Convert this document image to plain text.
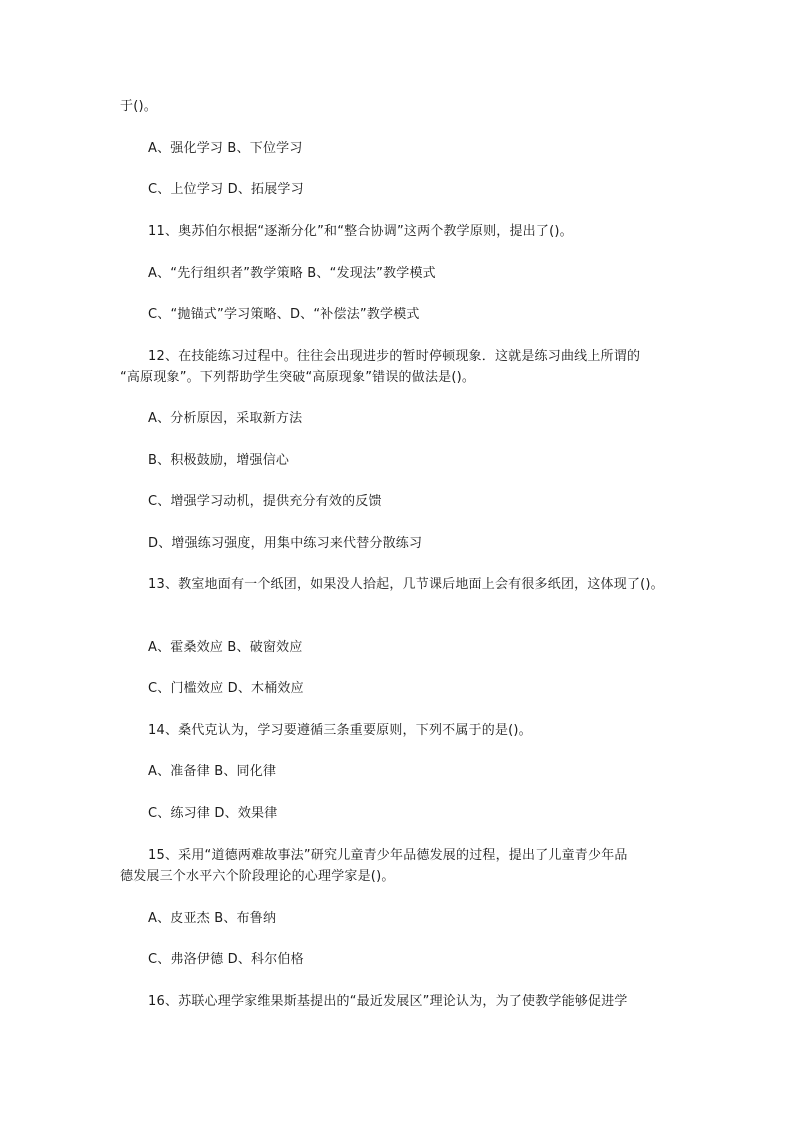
于()。
A、强化学习 B、下位学习
C、上位学习 D、拓展学习
11、奥苏伯尔根据“逐渐分化”和“整合协调”这两个教学原则，提出了()。
A、“先行组织者”教学策略 B、“发现法”教学模式
C、“抛锚式”学习策略、D、“补偿法”教学模式
12、在技能练习过程中。往往会出现进步的暂时停顿现象．这就是练习曲线上所谓的
“高原现象”。下列帮助学生突破“高原现象”错误的做法是()。
A、分析原因，采取新方法
B、积极鼓励，增强信心
C、增强学习动机，提供充分有效的反馈
D、增强练习强度，用集中练习来代替分散练习
13、教室地面有一个纸团，如果没人拾起，几节课后地面上会有很多纸团，这体现了()。
A、霍桑效应 B、破窗效应
C、门槛效应 D、木桶效应
14、桑代克认为，学习要遵循三条重要原则，下列不属于的是()。
A、准备律 B、同化律
C、练习律 D、效果律
15、采用“道德两难故事法”研究儿童青少年品德发展的过程，提出了儿童青少年品
德发展三个水平六个阶段理论的心理学家是()。
A、皮亚杰 B、布鲁纳
C、弗洛伊德 D、科尔伯格
16、苏联心理学家维果斯基提出的“最近发展区”理论认为，为了使教学能够促进学
